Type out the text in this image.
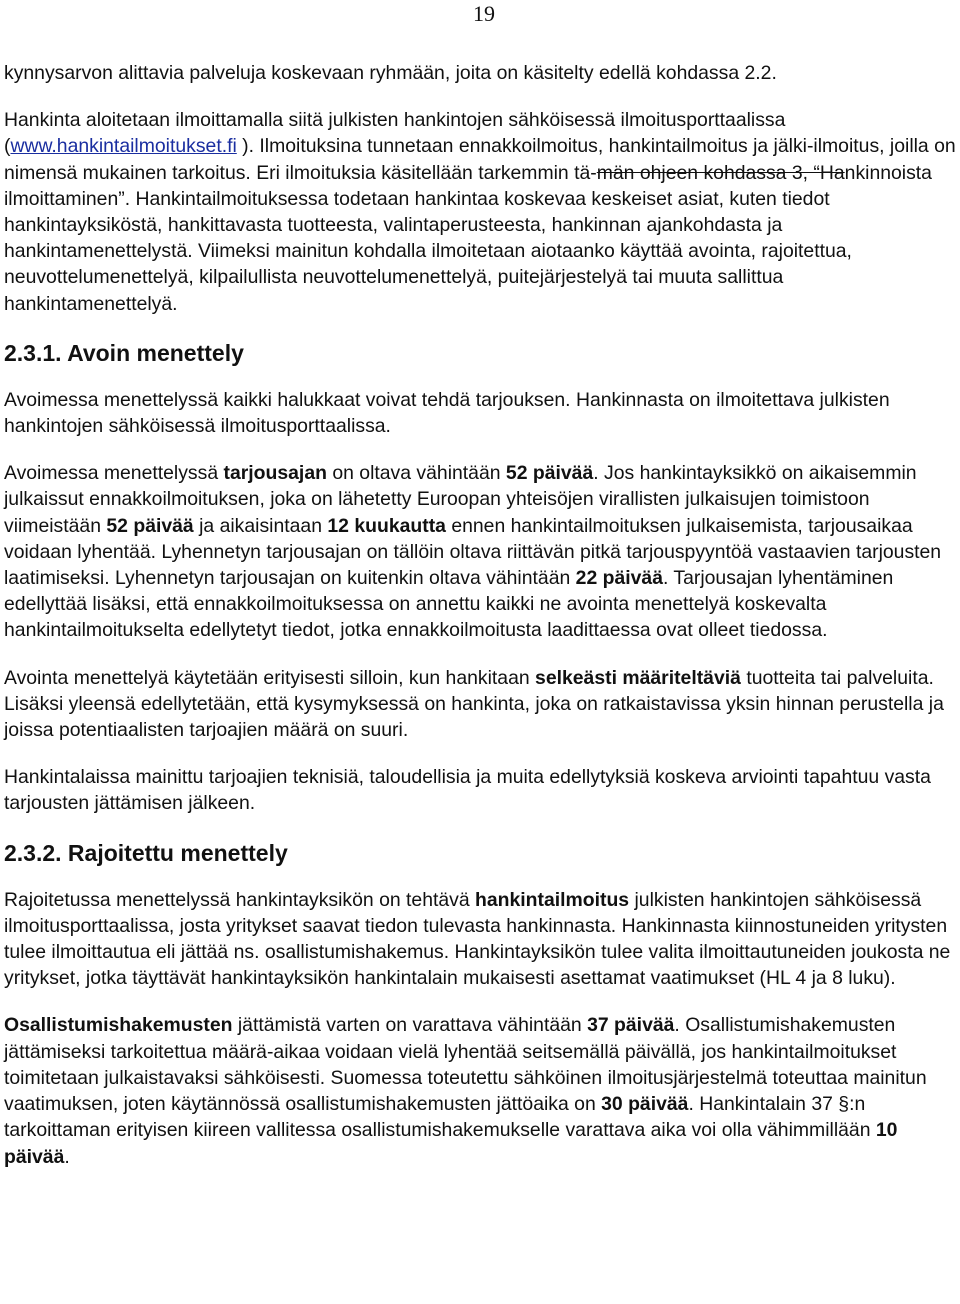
19

kynnysarvon alittavia palveluja koskevaan ryhmään, joita on käsitelty edellä kohdassa 2.2.

Hankinta aloitetaan ilmoittamalla siitä julkisten hankintojen sähköisessä ilmoitusporttaalissa (www.hankintailmoitukset.fi ). Ilmoituksina tunnetaan ennakkoilmoitus, hankintailmoitus ja jälki-ilmoitus, joilla on nimensä mukainen tarkoitus. Eri ilmoituksia käsitellään tarkemmin tä-män ohjeen kohdassa 3, “Hankinnoista ilmoittaminen”. Hankintailmoituksessa todetaan hankintaa koskevaa keskeiset asiat, kuten tiedot hankintayksiköstä, hankittavasta tuotteesta, valintaperusteesta, hankinnan ajankohdasta ja hankintamenettelystä. Viimeksi mainitun kohdalla ilmoitetaan aiotaanko käyttää avointa, rajoitettua, neuvottelumenettelyä, kilpailullista neuvottelumenettelyä, puitejärjestelyä tai muuta sallittua hankintamenettelyä.

2.3.1. Avoin menettely

Avoimessa menettelyssä kaikki halukkaat voivat tehdä tarjouksen. Hankinnasta on ilmoitettava julkisten hankintojen sähköisessä ilmoitusporttaalissa.

Avoimessa menettelyssä tarjousajan on oltava vähintään 52 päivää. Jos hankintayksikkö on aikaisemmin julkaissut ennakkoilmoituksen, joka on lähetetty Euroopan yhteisöjen virallisten julkaisujen toimistoon viimeistään 52 päivää ja aikaisintaan 12 kuukautta ennen hankintailmoituksen julkaisemista, tarjousaikaa voidaan lyhentää. Lyhennetyn tarjousajan on tällöin oltava riittävän pitkä tarjouspyyntöä vastaavien tarjousten laatimiseksi. Lyhennetyn tarjousajan on kuitenkin oltava vähintään 22 päivää. Tarjousajan lyhentäminen edellyttää lisäksi, että ennakkoilmoituksessa on annettu kaikki ne avointa menettelyä koskevalta hankintailmoitukselta edellytetyt tiedot, jotka ennakkoilmoitusta laadittaessa ovat olleet tiedossa.

Avointa menettelyä käytetään erityisesti silloin, kun hankitaan selkeästi määriteltäviä tuotteita tai palveluita. Lisäksi yleensä edellytetään, että kysymyksessä on hankinta, joka on ratkaistavissa yksin hinnan perustella ja joissa potentiaalisten tarjoajien määrä on suuri.

Hankintalaissa mainittu tarjoajien teknisiä, taloudellisia ja muita edellytyksiä koskeva arviointi tapahtuu vasta tarjousten jättämisen jälkeen.

2.3.2. Rajoitettu menettely

Rajoitetussa menettelyssä hankintayksikön on tehtävä hankintailmoitus julkisten hankintojen sähköisessä ilmoitusporttaalissa, josta yritykset saavat tiedon tulevasta hankinnasta. Hankinnasta kiinnostuneiden yritysten tulee ilmoittautua eli jättää ns. osallistumishakemus. Hankintayksikön tulee valita ilmoittautuneiden joukosta ne yritykset, jotka täyttävät hankintayksikön hankintalain mukaisesti asettamat vaatimukset (HL 4 ja 8 luku).

Osallistumishakemusten jättämistä varten on varattava vähintään 37 päivää. Osallistumishakemusten jättämiseksi tarkoitettua määrä-aikaa voidaan vielä lyhentää seitsemällä päivällä, jos hankintailmoitukset toimitetaan julkaistavaksi sähköisesti. Suomessa toteutettu sähköinen ilmoitusjärjestelmä toteuttaa mainitun vaatimuksen, joten käytännössä osallistumishakemusten jättöaika on 30 päivää. Hankintalain 37 §:n tarkoittaman erityisen kiireen vallitessa osallistumishakemukselle varattava aika voi olla vähimmillään 10 päivää.
